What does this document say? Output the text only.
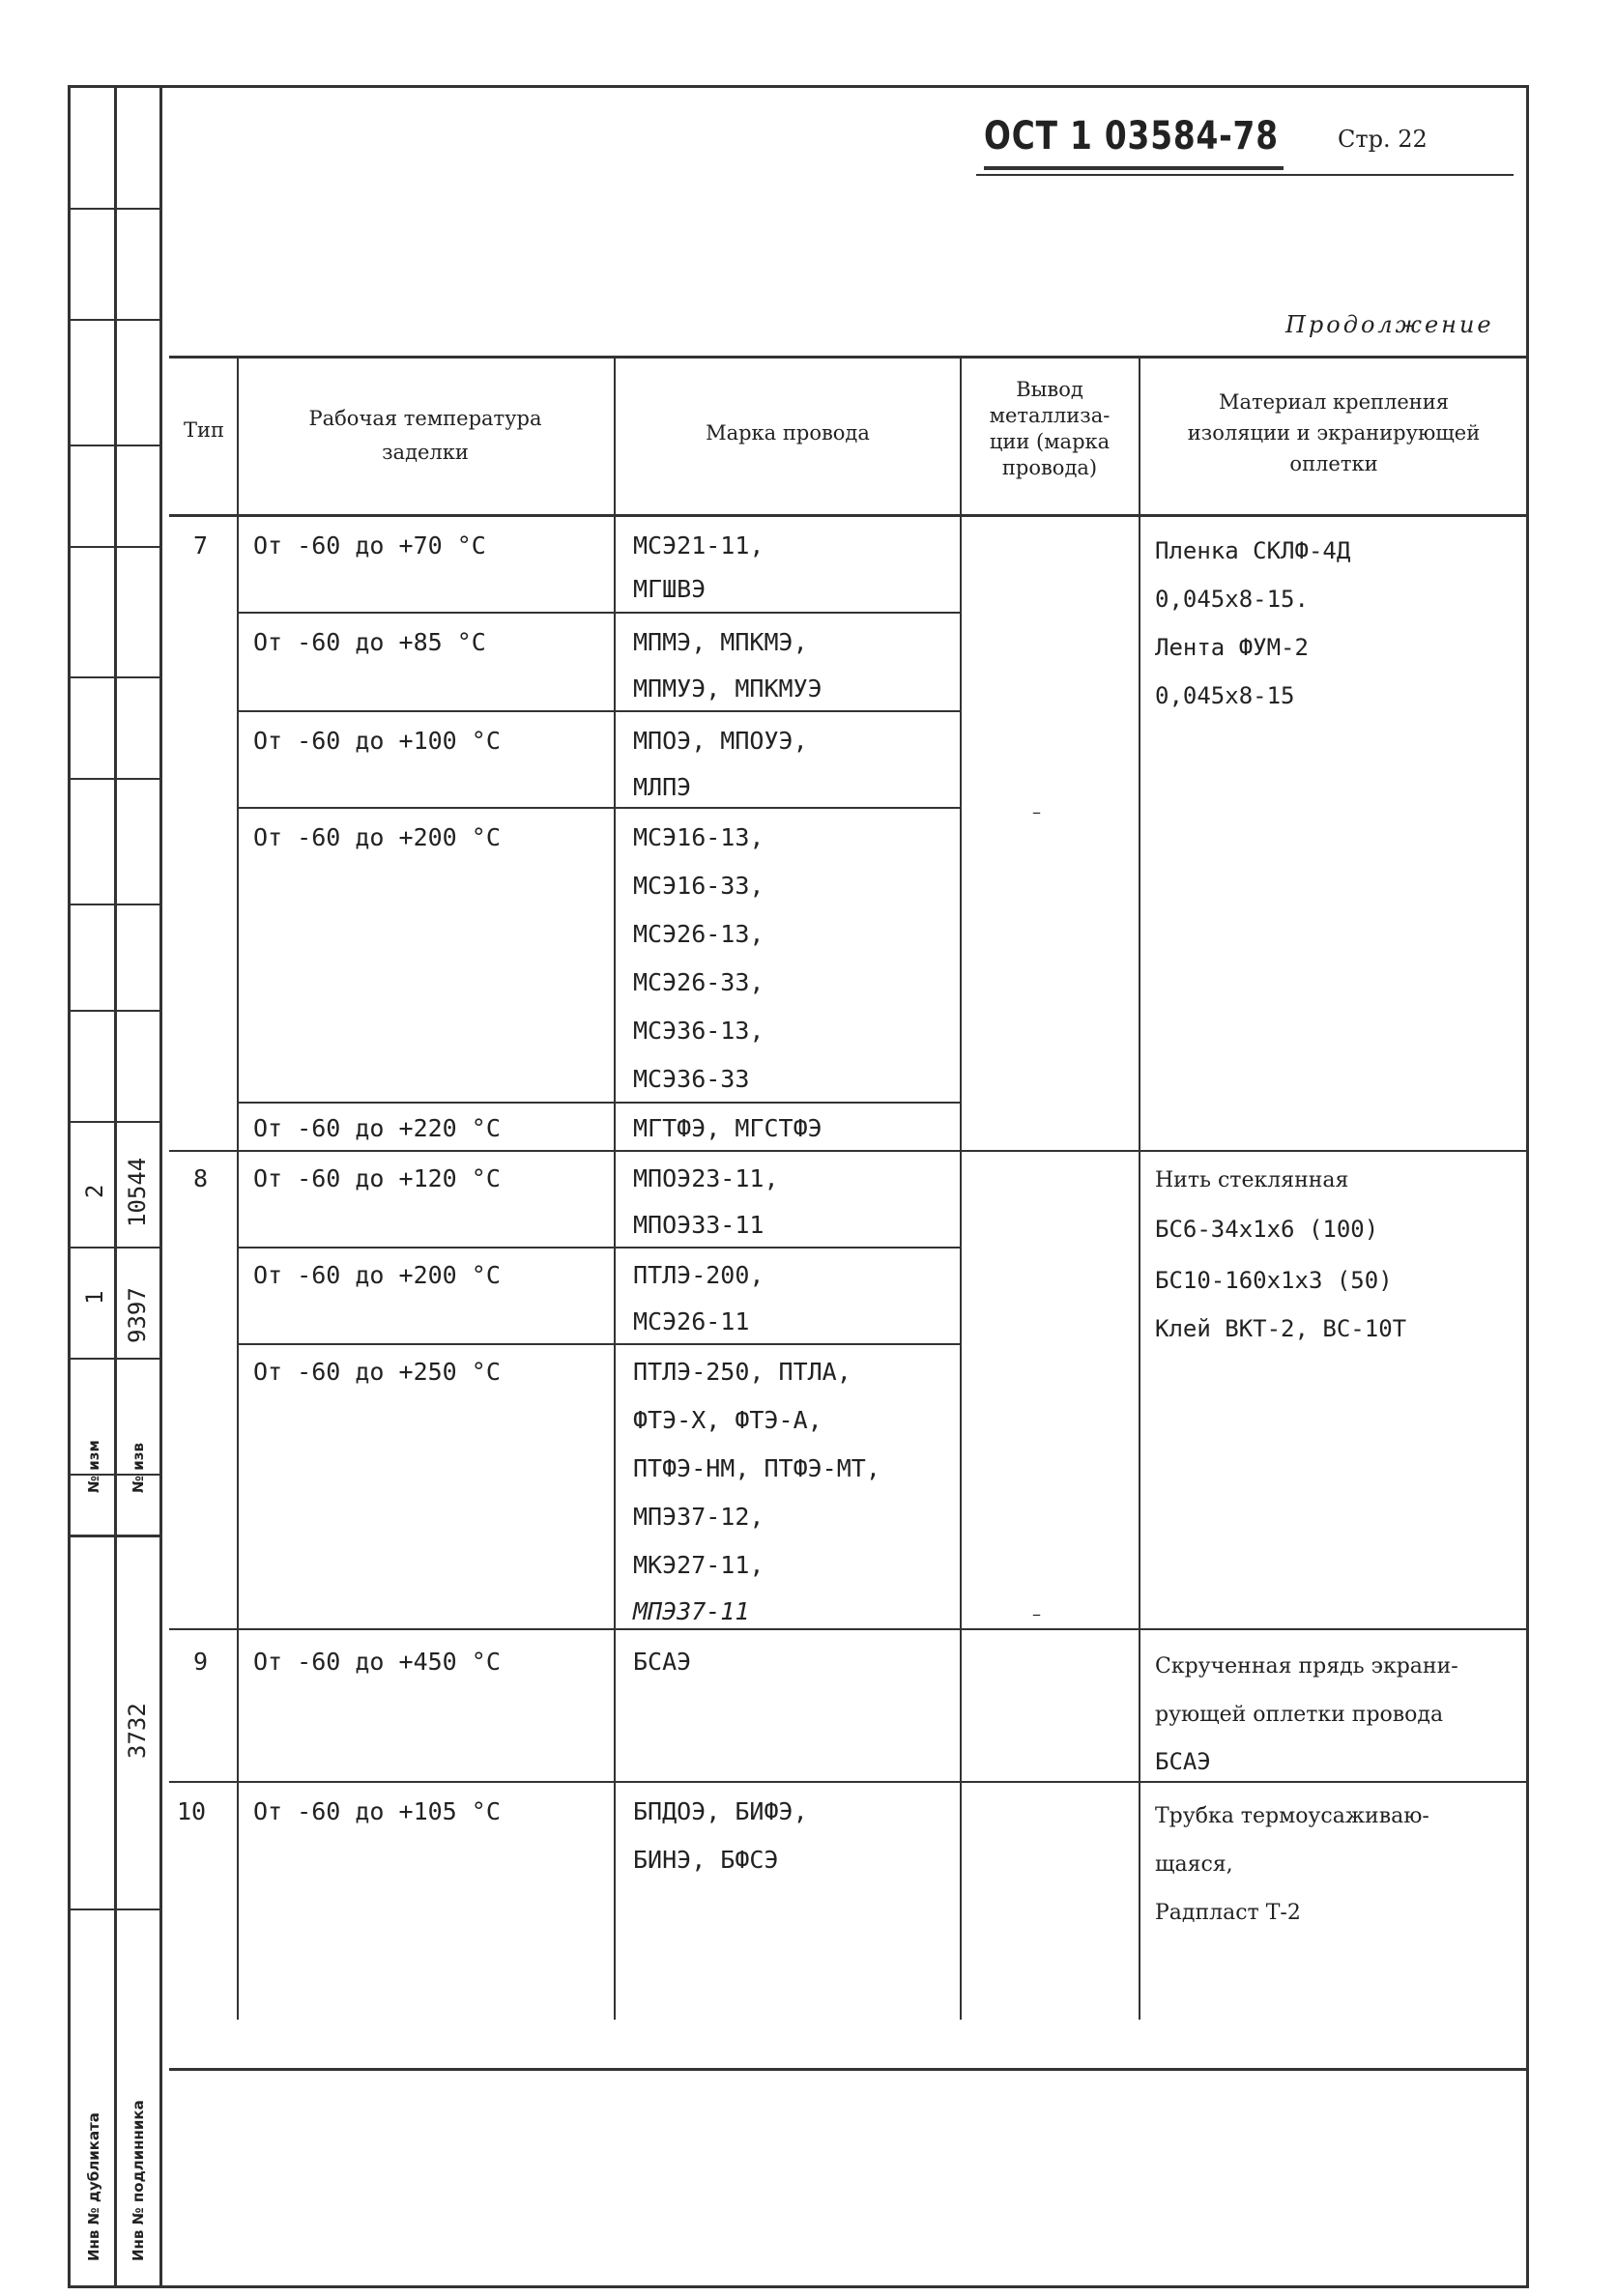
№ изм № изв
1
2
9397
10544
3732
Инв № дубликата Инв № подлинника
ОСТ 1 03584-78	Стр. 22
Продолжение
Тип	Рабочая температура
заделки
Марка провода
Вывод
металлиза-
ции (марка
провода)
Материал крепления
изоляции и экранирующей
оплетки
7
8
9
10
От -60 до +70 °С
От -60 до +85 °С
От -60 до +100 °С
От -60 до +200 °С
От -60 до +220 °С
От -60 до +120 °С
От -60 до +200 °С
От -60 до +250 °С
От -60 до +450 °С
От -60 до +105 °С
МСЭ21-11,
МГШВЭ
МПМЭ, МПКМЭ,
МПМУЭ, МПКМУЭ
МПОЭ, МПОУЭ,
МЛПЭ
МСЭ16-13,
МСЭ16-33,
МСЭ26-13,
МСЭ26-33,
МСЭ36-13,
МСЭ36-33
МГТФЭ, МГСТФЭ
МПОЭ23-11,
МПОЭ33-11
ПТЛЭ-200,
МСЭ26-11
ПТЛЭ-250, ПТЛА,
ФТЭ-Х, ФТЭ-А,
ПТФЭ-НМ, ПТФЭ-МТ,
МПЭ37-12,
МКЭ27-11,
МПЭ37-11
БСАЭ
БПДОЭ, БИФЭ,
БИНЭ, БФСЭ
–
–
Пленка СКЛФ-4Д
0,045х8-15.
Лента ФУМ-2
0,045х8-15
Нить стеклянная
БС6-34х1х6 (100)
БС10-160х1х3 (50)
Клей ВКТ-2, ВС-10Т
Скрученная прядь экрани-
рующей оплетки провода
БСАЭ
Трубка термоусаживаю-
щаяся,
Радпласт Т-2
